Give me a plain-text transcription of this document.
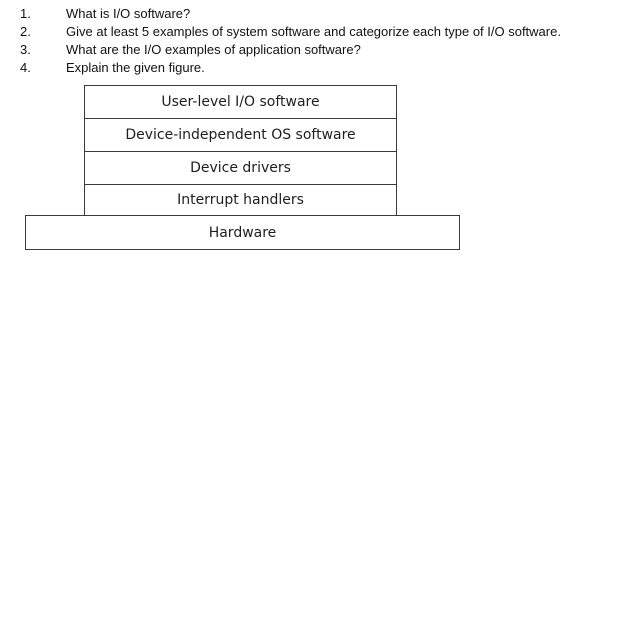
1.	What is I/O software?
2.	Give at least 5 examples of system software and categorize each type of I/O software.
3.	What are the I/O examples of application software?
4.	Explain the given figure.
User-level I/O software
Device-independent OS software
Device drivers
Interrupt handlers
Hardware
